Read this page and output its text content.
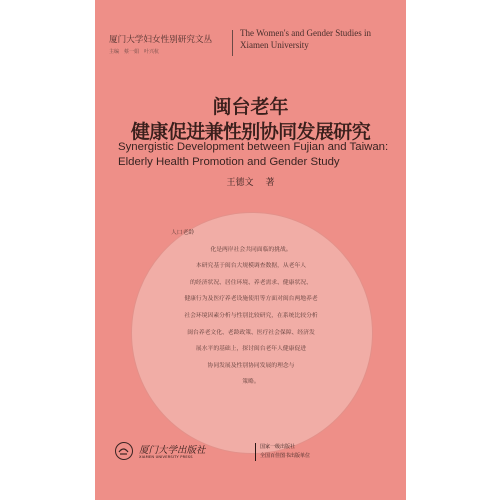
厦门大学妇女性别研究文丛
主编　蔡一娟　叶兴杭
The Women's and Gender Studies in Xiamen University
闽台老年
健康促进兼性别协同发展研究
Synergistic Development between Fujian and Taiwan:
Elderly Health Promotion and Gender Study
王德文 著
人口老龄
化是两岸社会共同面临的挑战。
本研究基于闽台大规模调查数据，从老年人
的经济状况、居住环境、养老需求、健康状况、
健康行为及医疗养老设施使用等方面对闽台两地养老
社会环境因素分析与性别比较研究，在系统比较分析
闽台养老文化、老龄政策、医疗社会保障、经济发
展水平的基础上，探讨闽台老年人健康促进
协同发展及性别协同发展的理念与
策略。
厦门大学出版社
XIAMEN UNIVERSITY PRESS
国家一级出版社
全国百佳图书出版单位
